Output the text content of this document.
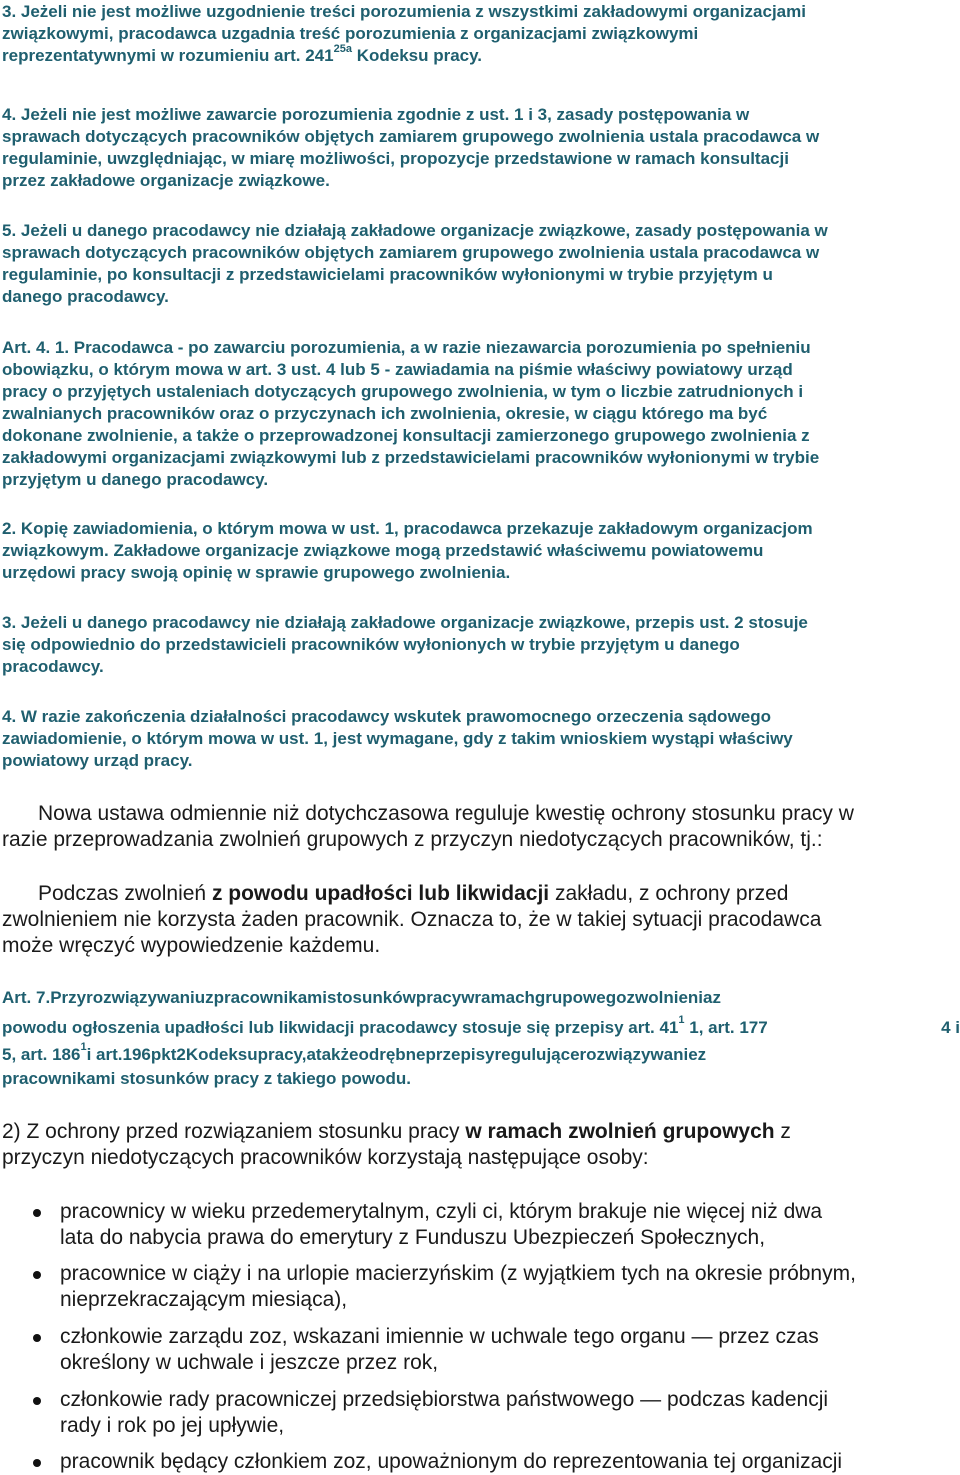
3. Jeżeli nie jest możliwe uzgodnienie treści porozumienia z wszystkimi zakładowymi organizacjami
związkowymi, pracodawca uzgadnia treść porozumienia z organizacjami związkowymi
reprezentatywnymi w rozumieniu art. $241^{25a}$ Kodeksu pracy.

4. Jeżeli nie jest możliwe zawarcie porozumienia zgodnie z ust. 1 i 3, zasady postępowania w
sprawach dotyczących pracowników objętych zamiarem grupowego zwolnienia ustala pracodawca w
regulaminie, uwzględniając, w miarę możliwości, propozycje przedstawione w ramach konsultacji
przez zakładowe organizacje związkowe.

5. Jeżeli u danego pracodawcy nie działają zakładowe organizacje związkowe, zasady postępowania w
sprawach dotyczących pracowników objętych zamiarem grupowego zwolnienia ustala pracodawca w
regulaminie, po konsultacji z przedstawicielami pracowników wyłonionymi w trybie przyjętym u
danego pracodawcy.

Art. 4. 1. Pracodawca - po zawarciu porozumienia, a w razie niezawarcia porozumienia po spełnieniu
obowiązku, o którym mowa w art. 3 ust. 4 lub 5 - zawiadamia na piśmie właściwy powiatowy urząd
pracy o przyjętych ustaleniach dotyczących grupowego zwolnienia, w tym o liczbie zatrudnionych i
zwalnianych pracowników oraz o przyczynach ich zwolnienia, okresie, w ciągu którego ma być
dokonane zwolnienie, a także o przeprowadzonej konsultacji zamierzonego grupowego zwolnienia z
zakładowymi organizacjami związkowymi lub z przedstawicielami pracowników wyłonionymi w trybie
przyjętym u danego pracodawcy.

2. Kopię zawiadomienia, o którym mowa w ust. 1, pracodawca przekazuje zakładowym organizacjom
związkowym. Zakładowe organizacje związkowe mogą przedstawić właściwemu powiatowemu
urzędowi pracy swoją opinię w sprawie grupowego zwolnienia.

3. Jeżeli u danego pracodawcy nie działają zakładowe organizacje związkowe, przepis ust. 2 stosuje
się odpowiednio do przedstawicieli pracowników wyłonionych w trybie przyjętym u danego
pracodawcy.

4. W razie zakończenia działalności pracodawcy wskutek prawomocnego orzeczenia sądowego
zawiadomienie, o którym mowa w ust. 1, jest wymagane, gdy z takim wnioskiem wystąpi właściwy
powiatowy urząd pracy.

Nowa ustawa odmiennie niż dotychczasowa reguluje kwestię ochrony stosunku pracy w
razie przeprowadzania zwolnień grupowych z przyczyn niedotyczących pracowników, tj.:

Podczas zwolnień z powodu upadłości lub likwidacji zakładu, z ochrony przed
zwolnieniem nie korzysta żaden pracownik. Oznacza to, że w takiej sytuacji pracodawca
może wręczyć wypowiedzenie każdemu.

Art. 7.Przyrozwiązywaniuzpracownikamistosunkówpracywramachgrupowegozwolnieniaz
powodu ogłoszenia upadłości lub likwidacji pracodawcy stosuje się przepisy art. $41^1$ 1, art. 177	4 i
5, art. $186^1i$ art.196pkt2Kodeksupracy,atakżeodrębneprzepisyregulującerozwiązywaniez
pracownikami stosunków pracy z takiego powodu.

2) Z ochrony przed rozwiązaniem stosunku pracy w ramach zwolnień grupowych z
przyczyn niedotyczących pracowników korzystają następujące osoby:

pracownicy w wieku przedemerytalnym, czyli ci, którym brakuje nie więcej niż dwa
lata do nabycia prawa do emerytury z Funduszu Ubezpieczeń Społecznych,
pracownice w ciąży i na urlopie macierzyńskim (z wyjątkiem tych na okresie próbnym,
nieprzekraczającym miesiąca),
członkowie zarządu zoz, wskazani imiennie w uchwale tego organu — przez czas
określony w uchwale i jeszcze przez rok,
członkowie rady pracowniczej przedsiębiorstwa państwowego — podczas kadencji
rady i rok po jej upływie,
pracownik będący członkiem zoz, upoważnionym do reprezentowania tej organizacji
